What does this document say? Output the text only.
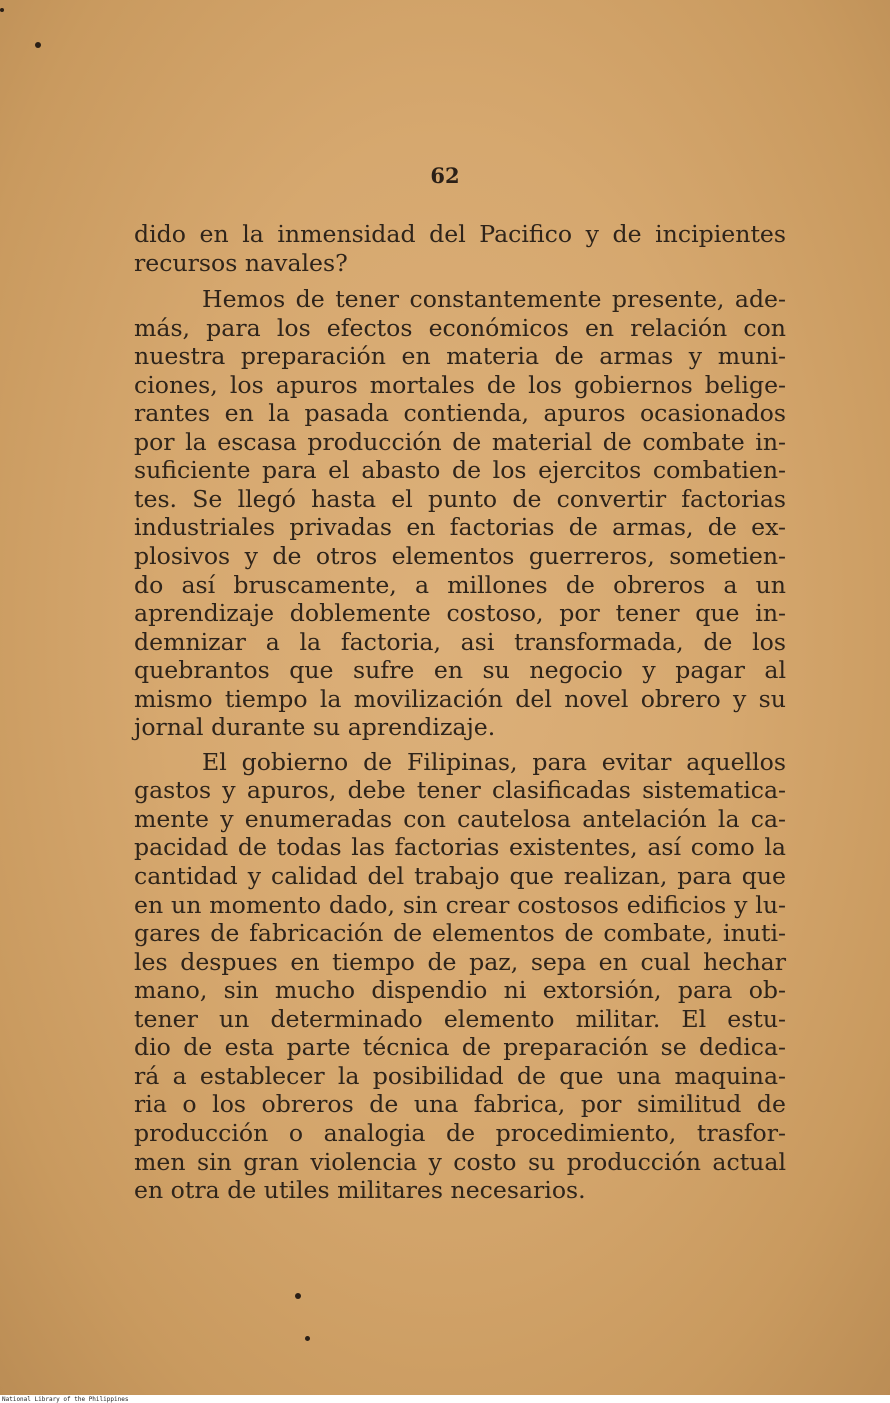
62
dido en la inmensidad del Pacifico y de incipientes
recursos navales?
Hemos de tener constantemente presente, ade-
más, para los efectos económicos en relación con
nuestra preparación en materia de armas y muni-
ciones, los apuros mortales de los gobiernos belige-
rantes en la pasada contienda, apuros ocasionados
por la escasa producción de material de combate in-
suficiente para el abasto de los ejercitos combatien-
tes. Se llegó hasta el punto de convertir factorias
industriales privadas en factorias de armas, de ex-
plosivos y de otros elementos guerreros, sometien-
do así bruscamente, a millones de obreros a un
aprendizaje doblemente costoso, por tener que in-
demnizar a la factoria, asi transformada, de los
quebrantos que sufre en su negocio y pagar al
mismo tiempo la movilización del novel obrero y su
jornal durante su aprendizaje.
El gobierno de Filipinas, para evitar aquellos
gastos y apuros, debe tener clasificadas sistematica-
mente y enumeradas con cautelosa antelación la ca-
pacidad de todas las factorias existentes, así como la
cantidad y calidad del trabajo que realizan, para que
en un momento dado, sin crear costosos edificios y lu-
gares de fabricación de elementos de combate, inuti-
les despues en tiempo de paz, sepa en cual hechar
mano, sin mucho dispendio ni extorsión, para ob-
tener un determinado elemento militar. El estu-
dio de esta parte técnica de preparación se dedica-
rá a establecer la posibilidad de que una maquina-
ria o los obreros de una fabrica, por similitud de
producción o analogia de procedimiento, trasfor-
men sin gran violencia y costo su producción actual
en otra de utiles militares necesarios.
National Library of the Philippines
